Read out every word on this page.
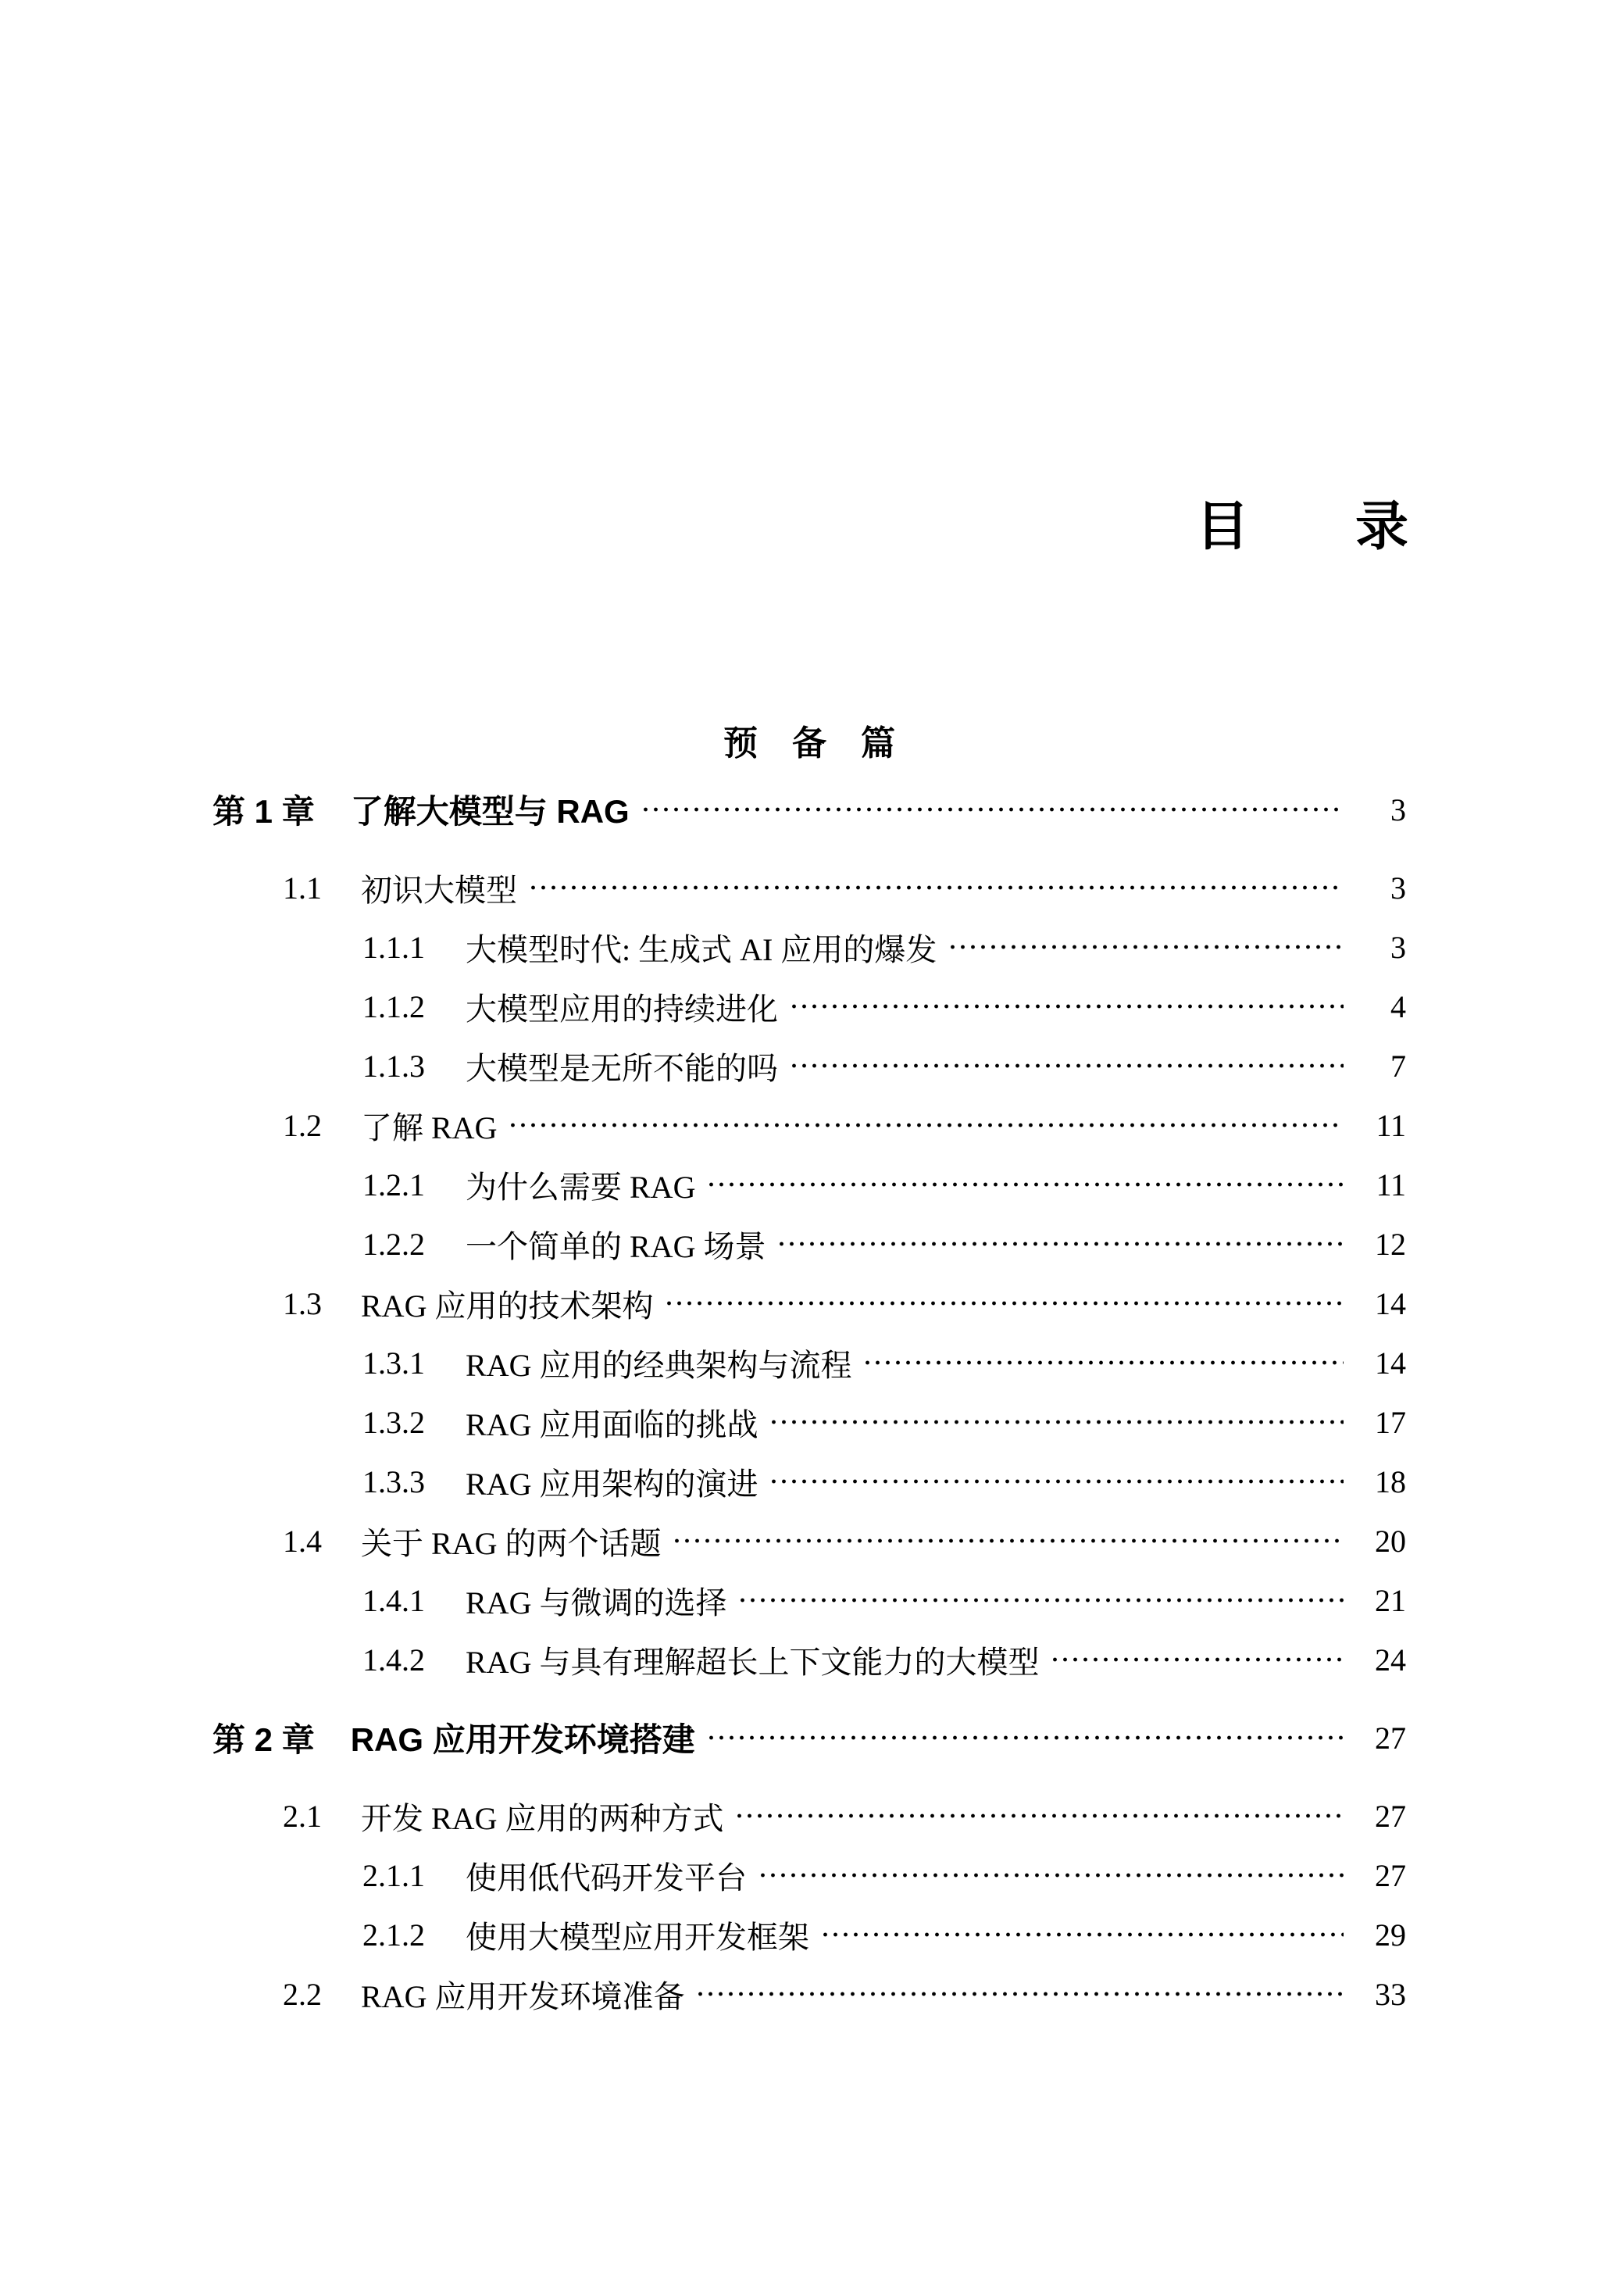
目　　录
预　备　篇
第 1 章 了解大模型与 RAG	3
1.1 初识大模型	3
1.1.1 大模型时代: 生成式 AI 应用的爆发	3
1.1.2 大模型应用的持续进化	4
1.1.3 大模型是无所不能的吗	7
1.2 了解 RAG	11
1.2.1 为什么需要 RAG	11
1.2.2 一个简单的 RAG 场景	12
1.3 RAG 应用的技术架构	14
1.3.1 RAG 应用的经典架构与流程	14
1.3.2 RAG 应用面临的挑战	17
1.3.3 RAG 应用架构的演进	18
1.4 关于 RAG 的两个话题	20
1.4.1 RAG 与微调的选择	21
1.4.2 RAG 与具有理解超长上下文能力的大模型	24
第 2 章 RAG 应用开发环境搭建	27
2.1 开发 RAG 应用的两种方式	27
2.1.1 使用低代码开发平台	27
2.1.2 使用大模型应用开发框架	29
2.2 RAG 应用开发环境准备	33
